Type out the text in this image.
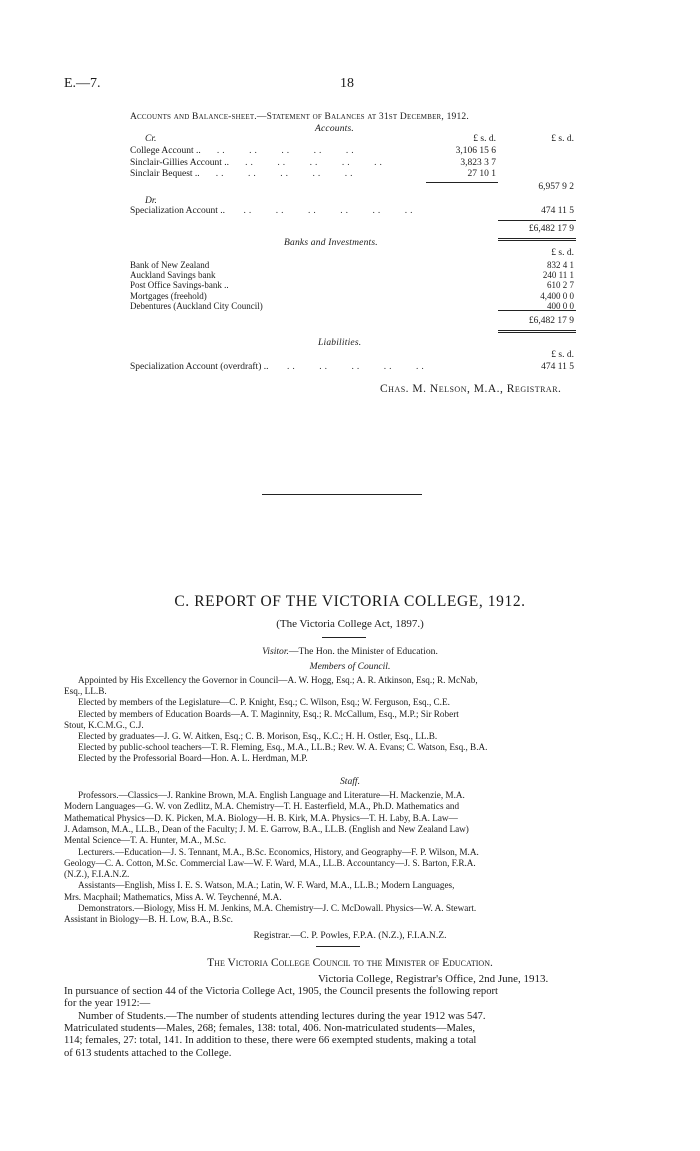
E.—7.	18
Accounts and Balance-sheet.—Statement of Balances at 31st December, 1912.
Accounts.
Cr.	£ s. d.	£ s. d.
College Account ..   ..    ..    ..    ..    ..	3,106 15 6
Sinclair-Gillies Account ..   ..    ..    ..    ..    ..	3,823 3 7
Sinclair Bequest ..   ..    ..    ..    ..    ..	27 10 1
6,957 9 2
Dr.
Specialization Account ..    ..    ..    ..    ..    ..    ..	474 11 5
£6,482 17 9
Banks and Investments.
£ s. d.
Bank of New Zealand	832 4 1
Auckland Savings bank	240 11 1
Post Office Savings-bank ..	610 2 7
Mortgages (freehold)	4,400 0 0
Debentures (Auckland City Council)	400 0 0
£6,482 17 9
Liabilities.
£ s. d.
Specialization Account (overdraft) ..    ..    ..    ..    ..    ..	474 11 5
Chas. M. Nelson, M.A., Registrar.
C. REPORT OF THE VICTORIA COLLEGE, 1912.
(The Victoria College Act, 1897.)
Visitor.—The Hon. the Minister of Education.
Members of Council.
Appointed by His Excellency the Governor in Council—A. W. Hogg, Esq.; A. R. Atkinson, Esq.; R. McNab,
Esq., LL.B.
Elected by members of the Legislature—C. P. Knight, Esq.; C. Wilson, Esq.; W. Ferguson, Esq., C.E.
Elected by members of Education Boards—A. T. Maginnity, Esq.; R. McCallum, Esq., M.P.; Sir Robert
Stout, K.C.M.G., C.J.
Elected by graduates—J. G. W. Aitken, Esq.; C. B. Morison, Esq., K.C.; H. H. Ostler, Esq., LL.B.
Elected by public-school teachers—T. R. Fleming, Esq., M.A., LL.B.; Rev. W. A. Evans; C. Watson, Esq., B.A.
Elected by the Professorial Board—Hon. A. L. Herdman, M.P.
Staff.
Professors.—Classics—J. Rankine Brown, M.A. English Language and Literature—H. Mackenzie, M.A.
Modern Languages—G. W. von Zedlitz, M.A. Chemistry—T. H. Easterfield, M.A., Ph.D. Mathematics and
Mathematical Physics—D. K. Picken, M.A. Biology—H. B. Kirk, M.A. Physics—T. H. Laby, B.A. Law—
J. Adamson, M.A., LL.B., Dean of the Faculty; J. M. E. Garrow, B.A., LL.B. (English and New Zealand Law)
Mental Science—T. A. Hunter, M.A., M.Sc.
Lecturers.—Education—J. S. Tennant, M.A., B.Sc. Economics, History, and Geography—F. P. Wilson, M.A.
Geology—C. A. Cotton, M.Sc. Commercial Law—W. F. Ward, M.A., LL.B. Accountancy—J. S. Barton, F.R.A.
(N.Z.), F.I.A.N.Z.
Assistants—English, Miss I. E. S. Watson, M.A.; Latin, W. F. Ward, M.A., LL.B.; Modern Languages,
Mrs. Macphail; Mathematics, Miss A. W. Teychenné, M.A.
Demonstrators.—Biology, Miss H. M. Jenkins, M.A. Chemistry—J. C. McDowall. Physics—W. A. Stewart.
Assistant in Biology—B. H. Low, B.A., B.Sc.
Registrar.—C. P. Powles, F.P.A. (N.Z.), F.I.A.N.Z.
The Victoria College Council to the Minister of Education.
Victoria College, Registrar's Office, 2nd June, 1913.
In pursuance of section 44 of the Victoria College Act, 1905, the Council presents the following report
for the year 1912:—
Number of Students.—The number of students attending lectures during the year 1912 was 547.
Matriculated students—Males, 268; females, 138: total, 406. Non-matriculated students—Males,
114; females, 27: total, 141. In addition to these, there were 66 exempted students, making a total
of 613 students attached to the College.
